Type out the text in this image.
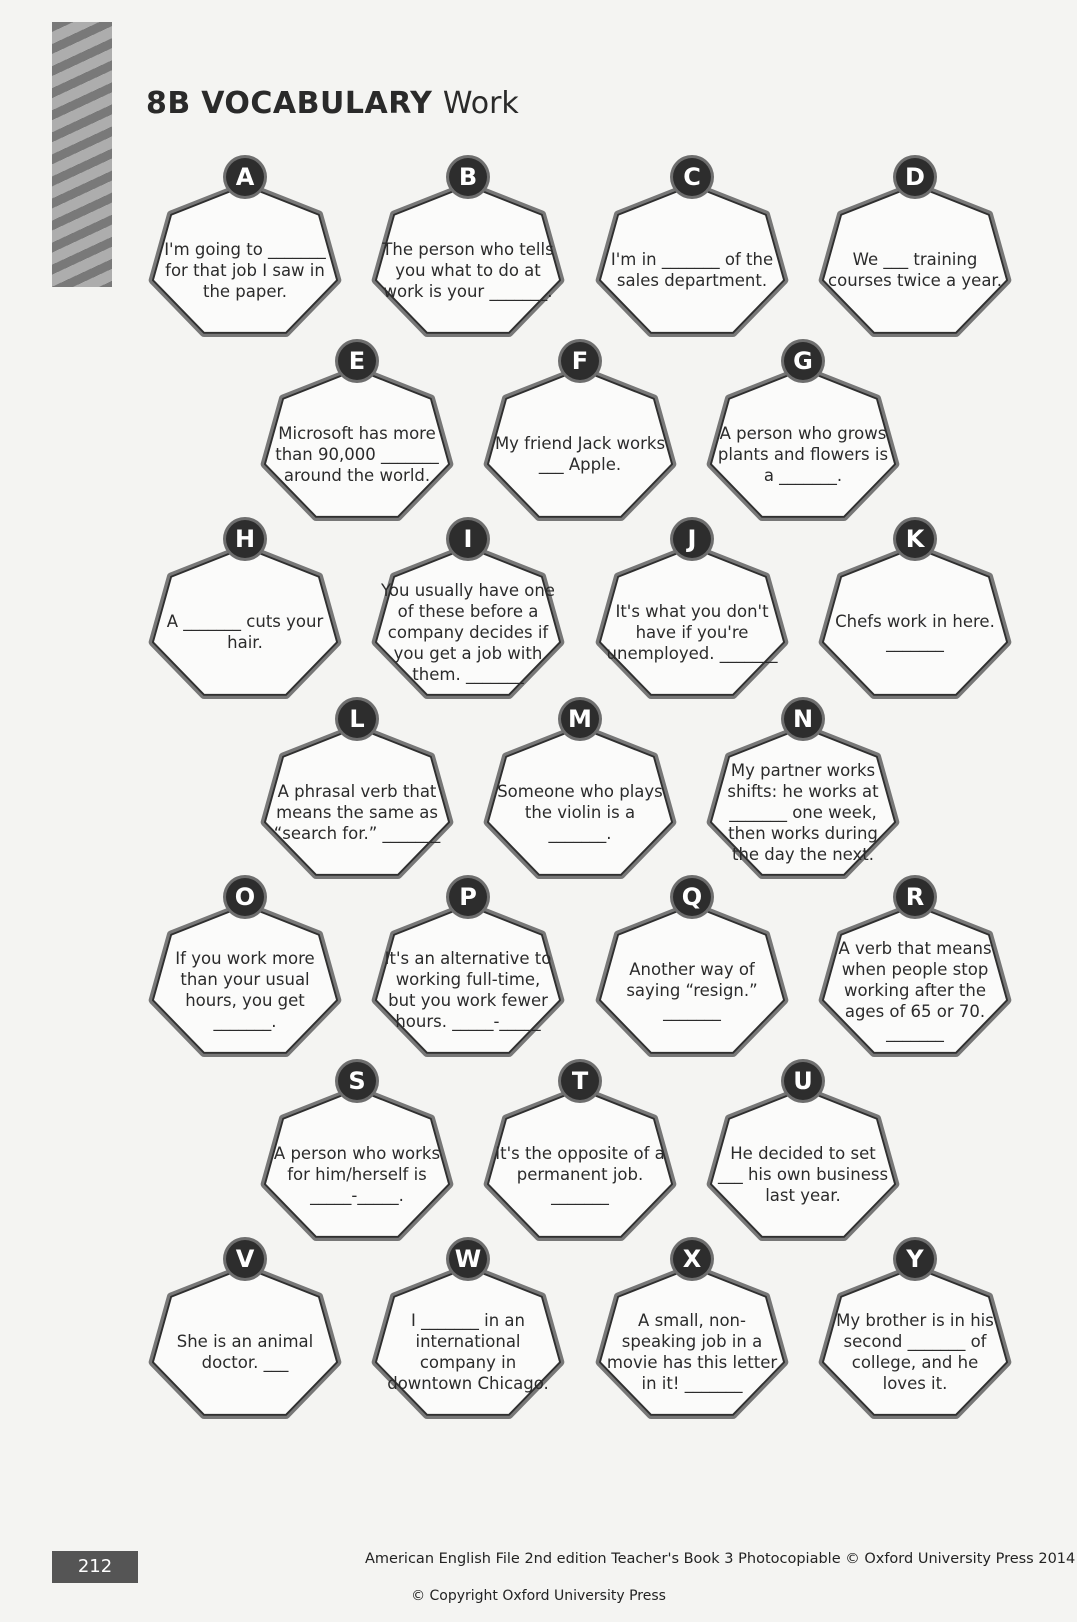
8B VOCABULARY Work
A
I'm going to _______ for that job I saw in the paper.
B
The person who tells you what to do at work is your _______.
C
I'm in _______ of the sales department.
D
We ___ training courses twice a year.
E
Microsoft has more than 90,000 _______ around the world.
F
My friend Jack works ___ Apple.
G
A person who grows plants and flowers is a _______.
H
A _______ cuts your hair.
I
You usually have one of these before a company decides if you get a job with them. _______
J
It's what you don't have if you're unemployed. _______
K
Chefs work in here. _______
L
A phrasal verb that means the same as “search for.” _______
M
Someone who plays the violin is a _______.
N
My partner works shifts: he works at _______ one week, then works during the day the next.
O
If you work more than your usual hours, you get _______.
P
It's an alternative to working full-time, but you work fewer hours. _____-_____
Q
Another way of saying “resign.” _______
R
A verb that means when people stop working after the ages of 65 or 70. _______
S
A person who works for him/herself is _____-_____.
T
It's the opposite of a permanent job. _______
U
He decided to set ___ his own business last year.
V
She is an animal doctor. ___
W
I _______ in an international company in downtown Chicago.
X
A small, non-speaking job in a movie has this letter in it! _______
Y
My brother is in his second _______ of college, and he loves it.
212	American English File 2nd edition Teacher's Book 3 Photocopiable © Oxford University Press 2014
© Copyright Oxford University Press
